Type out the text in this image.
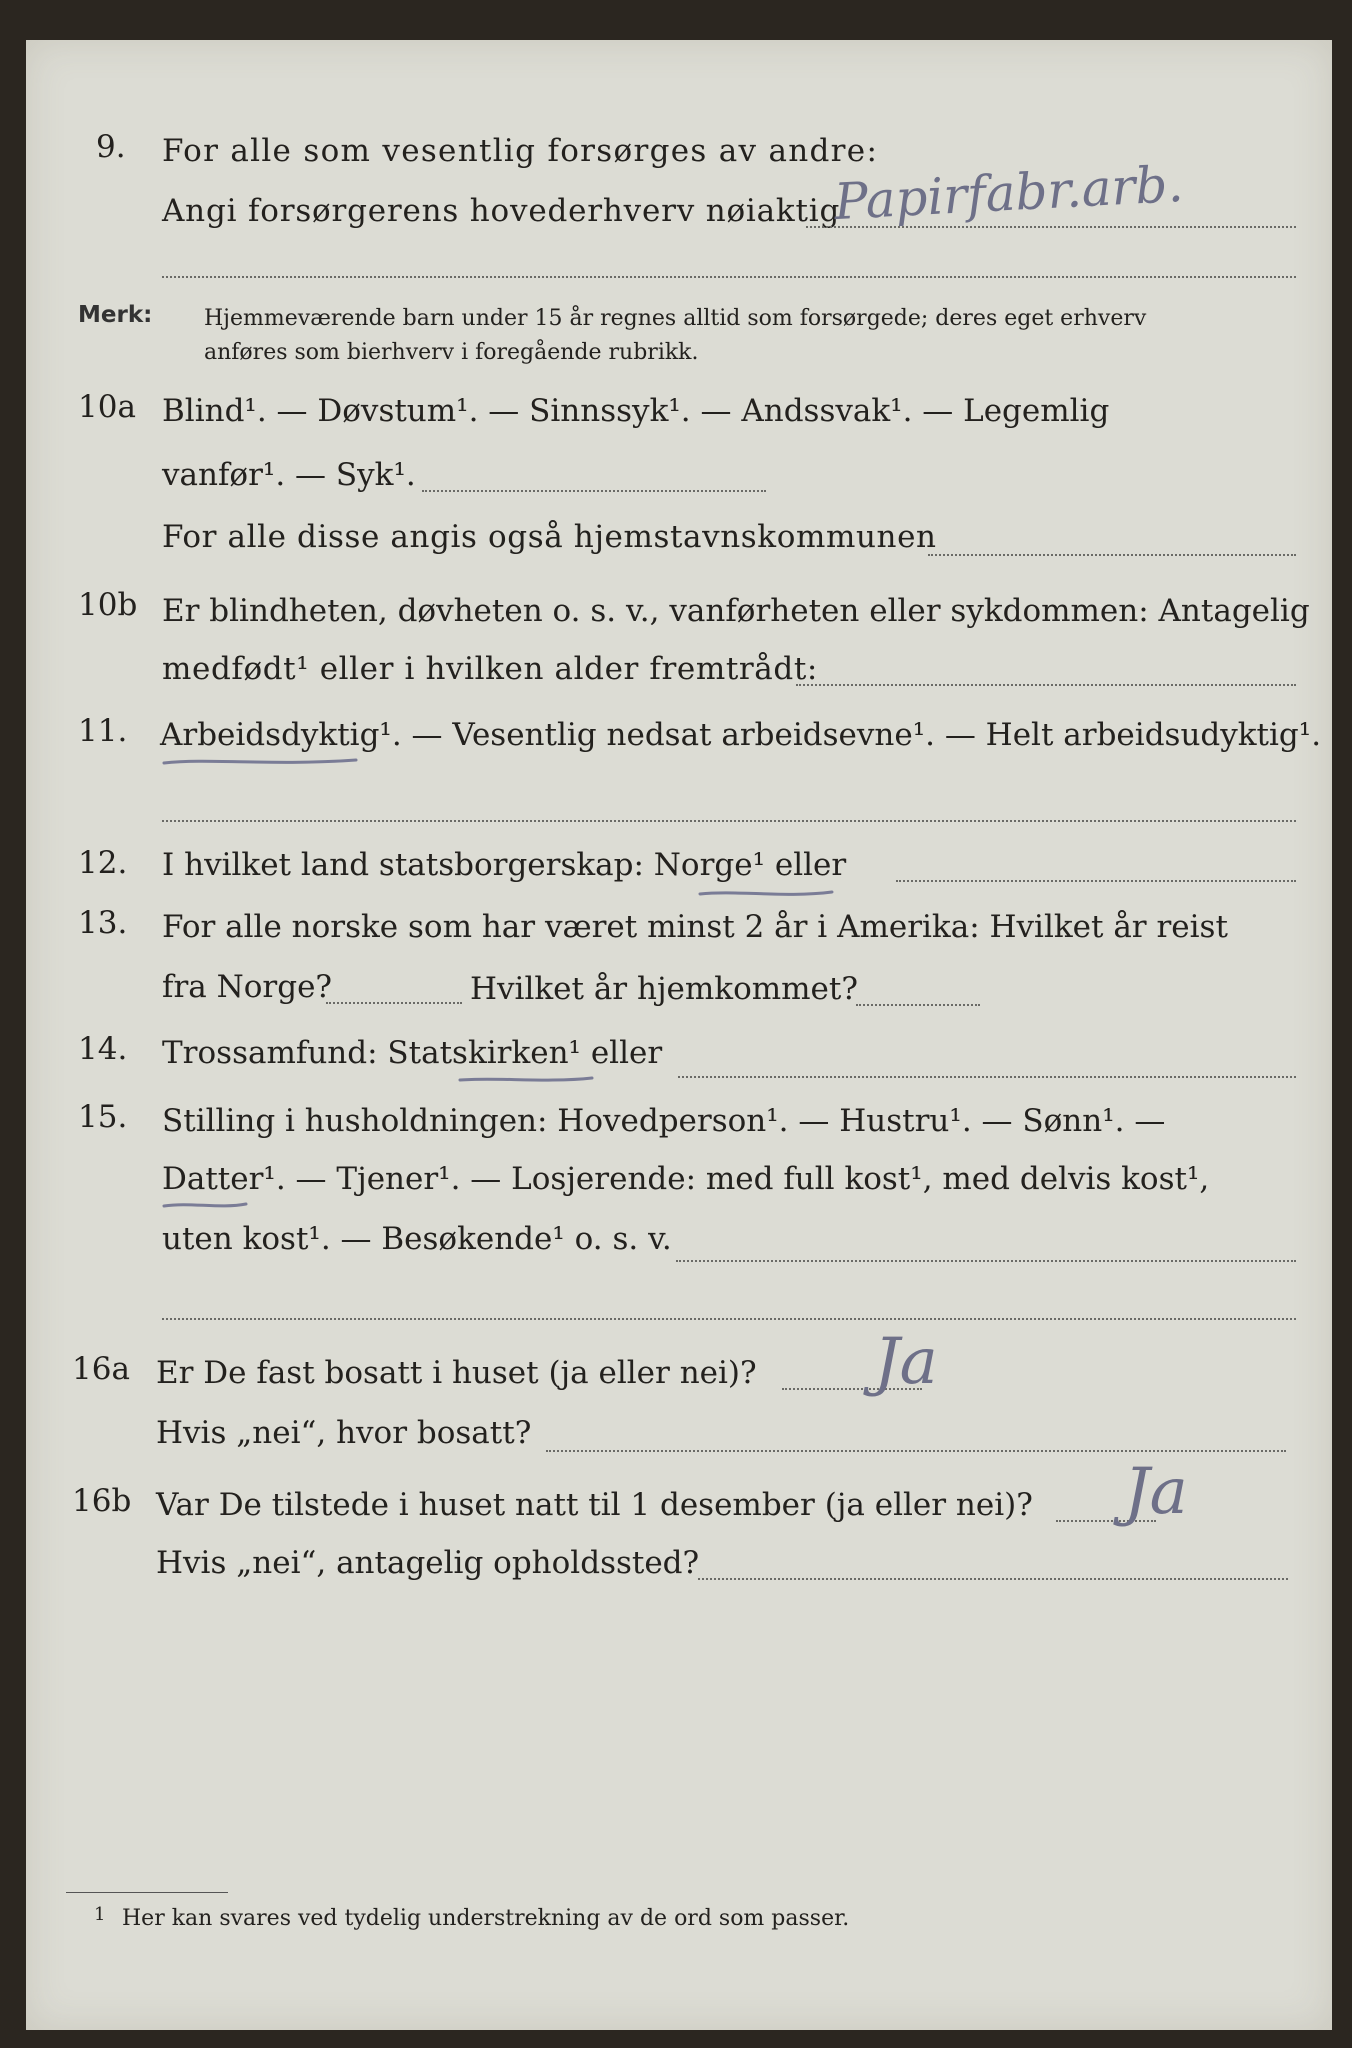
9. For alle som vesentlig forsørges av andre:
Angi forsørgerens hovederhverv nøiaktig
Papirfabr.arb.
Merk: Hjemmeværende barn under 15 år regnes alltid som forsørgede; deres eget erhverv
anføres som bierhverv i foregående rubrikk.
10a Blind¹. — Døvstum¹. — Sinnssyk¹. — Andssvak¹. — Legemlig
vanfør¹. — Syk¹.
For alle disse angis også hjemstavnskommunen
10b Er blindheten, døvheten o. s. v., vanførheten eller sykdommen: Antagelig
medfødt¹ eller i hvilken alder fremtrådt:
11. Arbeidsdyktig¹. — Vesentlig nedsat arbeidsevne¹. — Helt arbeidsudyktig¹.
12. I hvilket land statsborgerskap: Norge¹ eller
13. For alle norske som har været minst 2 år i Amerika: Hvilket år reist
fra Norge?	Hvilket år hjemkommet?
14. Trossamfund: Statskirken¹ eller
15. Stilling i husholdningen: Hovedperson¹. — Hustru¹. — Sønn¹. —
Datter¹. — Tjener¹. — Losjerende: med full kost¹, med delvis kost¹,
uten kost¹. — Besøkende¹ o. s. v.
16a Er De fast bosatt i huset (ja eller nei)? Ja
Hvis „nei“, hvor bosatt?
16b Var De tilstede i huset natt til 1 desember (ja eller nei)? Ja
Hvis „nei“, antagelig opholdssted?
1 Her kan svares ved tydelig understrekning av de ord som passer.
